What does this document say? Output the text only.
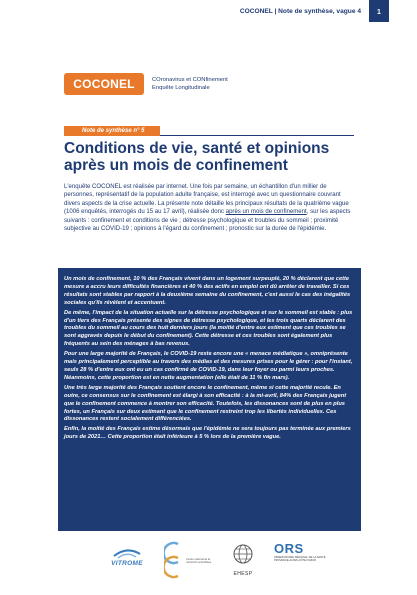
COCONEL | Note de synthèse, vague 4	1
COCONEL	COronavirus et CONfinement
Enquête Longitudinale
Note de synthèse n° 5
Conditions de vie, santé et opinions après un mois de confinement
L'enquête COCONEL est réalisée par internet. Une fois par semaine, un échantillon d'un millier de personnes, représentatif de la population adulte française, est interrogé avec un questionnaire couvrant divers aspects de la crise actuelle. La présente note détaille les principaux résultats de la quatrième vague (1006 enquêtés, interrogés du 15 au 17 avril), réalisée donc après un mois de confinement, sur les aspects suivants : confinement et conditions de vie ; détresse psychologique et troubles du sommeil ; proximité subjective au COVID-19 ; opinions à l'égard du confinement ; pronostic sur la durée de l'épidémie.

Un mois de confinement, 10 % des Français vivent dans un logement surpeuplé, 20 % déclarent que cette mesure a accru leurs difficultés financières et 40 % des actifs en emploi ont dû arrêter de travailler. Si ces résultats sont stables par rapport à la deuxième semaine du confinement, c'est aussi le cas des inégalités sociales qu'ils révèlent et accentuent.

De même, l'impact de la situation actuelle sur la détresse psychologique et sur le sommeil est stable : plus d'un tiers des Français présente des signes de détresse psychologique, et les trois quarts déclarent des troubles du sommeil au cours des huit derniers jours (la moitié d'entre eux estiment que ces troubles se sont aggravés depuis le début du confinement). Cette détresse et ces troubles sont également plus fréquents au sein des ménages à bas revenus.

Pour une large majorité de Français, le COVID-19 reste encore une « menace médiatique », omniprésente mais principalement perceptible au travers des médias et des mesures prises pour le gérer : pour l'instant, seuls 28 % d'entre eux ont eu un cas confirmé de COVID-19, dans leur foyer ou parmi leurs proches. Néanmoins, cette proportion est en nette augmentation (elle était de 11 % fin mars).

Une très large majorité des Français soutient encore le confinement, même si cette majorité recule. En outre, ce consensus sur le confinement est élargi à son efficacité : à la mi-avril, 84% des Français jugent que le confinement commence à montrer son efficacité. Toutefois, les dissonances sont de plus en plus fortes, un Français sur deux estimant que le confinement restreint trop les libertés individuelles. Ces dissonances restent socialement différenciées.

Enfin, la moitié des Français estime désormais que l'épidémie ne sera toujours pas terminée aux premiers jours de 2021… Cette proportion était inférieure à 5 % lors de la première vague.

VITROME
Centre national de la recherche scientifique
EHESP
ORS
OBSERVATOIRE RÉGIONAL DE LA SANTÉ PROVENCE-ALPES-CÔTE D'AZUR
